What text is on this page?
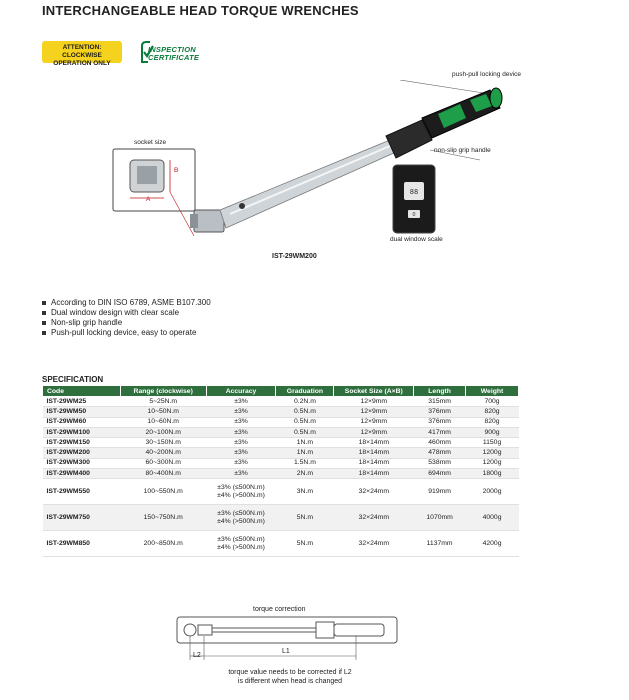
INTERCHANGEABLE HEAD TORQUE WRENCHES
ATTENTION: CLOCKWISE
OPERATION ONLY
INSPECTION
CERTIFICATE
socket size
A
B
push-pull locking device
non-slip grip handle
88
0
dual window scale
IST-29WM200
According to DIN ISO 6789, ASME B107.300
Dual window design with clear scale
Non-slip grip handle
Push-pull locking device, easy to operate
SPECIFICATION
Code	Range (clockwise)	Accuracy	Graduation	Socket Size (A×B)	Length	Weight
IST-29WM25	5~25N.m	±3%	0.2N.m	12×9mm	315mm	700g
IST-29WM50	10~50N.m	±3%	0.5N.m	12×9mm	376mm	820g
IST-29WM60	10~60N.m	±3%	0.5N.m	12×9mm	376mm	820g
IST-29WM100	20~100N.m	±3%	0.5N.m	12×9mm	417mm	900g
IST-29WM150	30~150N.m	±3%	1N.m	18×14mm	460mm	1150g
IST-29WM200	40~200N.m	±3%	1N.m	18×14mm	478mm	1200g
IST-29WM300	60~300N.m	±3%	1.5N.m	18×14mm	538mm	1200g
IST-29WM400	80~400N.m	±3%	2N.m	18×14mm	694mm	1800g
IST-29WM550	100~550N.m	±3% (≤500N.m)
±4% (>500N.m)	3N.m	32×24mm	919mm	2000g
IST-29WM750	150~750N.m	±3% (≤500N.m)
±4% (>500N.m)	5N.m	32×24mm	1070mm	4000g
IST-29WM850	200~850N.m	±3% (≤500N.m)
±4% (>500N.m)	5N.m	32×24mm	1137mm	4200g
torque correction
L2
L1
torque value needs to be corrected if L2
is different when head is changed
